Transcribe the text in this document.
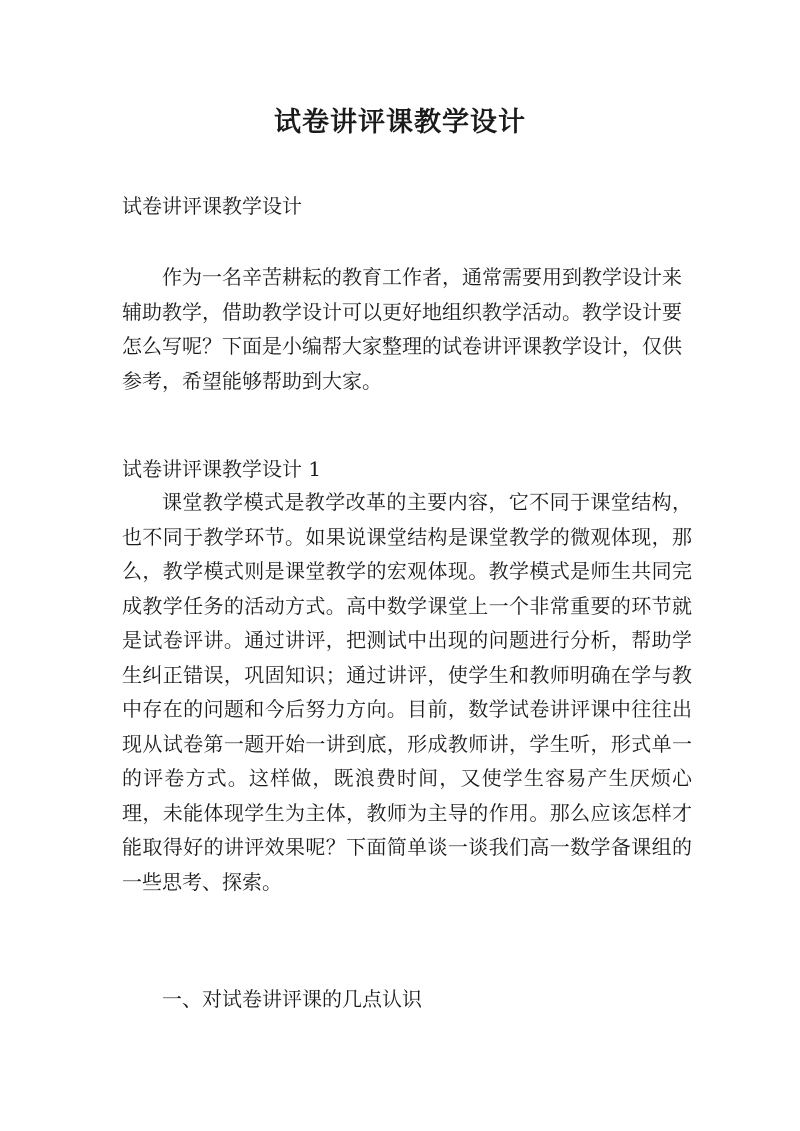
试卷讲评课教学设计

试卷讲评课教学设计

作为一名辛苦耕耘的教育工作者，通常需要用到教学设计来辅助教学，借助教学设计可以更好地组织教学活动。教学设计要怎么写呢？下面是小编帮大家整理的试卷讲评课教学设计，仅供参考，希望能够帮助到大家。

试卷讲评课教学设计 1

课堂教学模式是教学改革的主要内容，它不同于课堂结构，也不同于教学环节。如果说课堂结构是课堂教学的微观体现，那么，教学模式则是课堂教学的宏观体现。教学模式是师生共同完成教学任务的活动方式。高中数学课堂上一个非常重要的环节就是试卷评讲。通过讲评，把测试中出现的问题进行分析，帮助学生纠正错误，巩固知识；通过讲评，使学生和教师明确在学与教中存在的问题和今后努力方向。目前，数学试卷讲评课中往往出现从试卷第一题开始一讲到底，形成教师讲，学生听，形式单一的评卷方式。这样做，既浪费时间，又使学生容易产生厌烦心理，未能体现学生为主体，教师为主导的作用。那么应该怎样才能取得好的讲评效果呢？下面简单谈一谈我们高一数学备课组的一些思考、探索。

一、对试卷讲评课的几点认识
